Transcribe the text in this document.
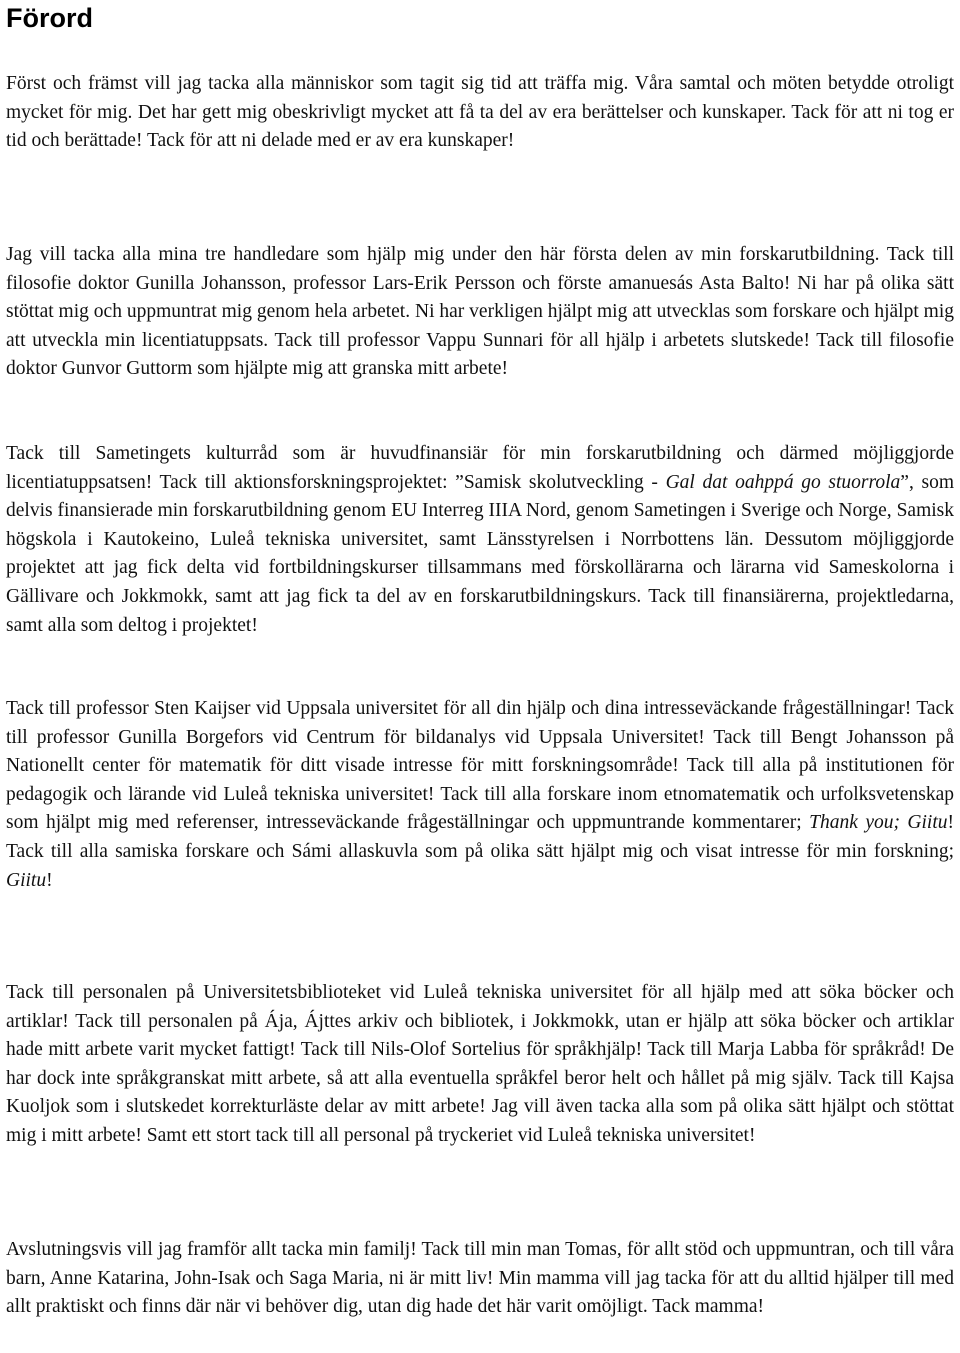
Förord

Först och främst vill jag tacka alla människor som tagit sig tid att träffa mig. Våra samtal och möten betydde otroligt mycket för mig. Det har gett mig obeskrivligt mycket att få ta del av era berättelser och kunskaper. Tack för att ni tog er tid och berättade! Tack för att ni delade med er av era kunskaper!

Jag vill tacka alla mina tre handledare som hjälp mig under den här första delen av min forskarutbildning. Tack till filosofie doktor Gunilla Johansson, professor Lars-Erik Persson och förste amanuesás Asta Balto! Ni har på olika sätt stöttat mig och uppmuntrat mig genom hela arbetet. Ni har verkligen hjälpt mig att utvecklas som forskare och hjälpt mig att utveckla min licentiatuppsats. Tack till professor Vappu Sunnari för all hjälp i arbetets slutskede! Tack till filosofie doktor Gunvor Guttorm som hjälpte mig att granska mitt arbete!

Tack till Sametingets kulturråd som är huvudfinansiär för min forskarutbildning och därmed möjliggjorde licentiatuppsatsen! Tack till aktionsforskningsprojektet: ”Samisk skolutveckling - Gal dat oahppá go stuorrola”, som delvis finansierade min forskarutbildning genom EU Interreg IIIA Nord, genom Sametingen i Sverige och Norge, Samisk högskola i Kautokeino, Luleå tekniska universitet, samt Länsstyrelsen i Norrbottens län. Dessutom möjliggjorde projektet att jag fick delta vid fortbildningskurser tillsammans med förskollärarna och lärarna vid Sameskolorna i Gällivare och Jokkmokk, samt att jag fick ta del av en forskarutbildningskurs. Tack till finansiärerna, projektledarna, samt alla som deltog i projektet!

Tack till professor Sten Kaijser vid Uppsala universitet för all din hjälp och dina intresseväckande frågeställningar! Tack till professor Gunilla Borgefors vid Centrum för bildanalys vid Uppsala Universitet! Tack till Bengt Johansson på Nationellt center för matematik för ditt visade intresse för mitt forskningsområde! Tack till alla på institutionen för pedagogik och lärande vid Luleå tekniska universitet! Tack till alla forskare inom etnomatematik och urfolksvetenskap som hjälpt mig med referenser, intresseväckande frågeställningar och uppmuntrande kommentarer; Thank you; Giitu! Tack till alla samiska forskare och Sámi allaskuvla som på olika sätt hjälpt mig och visat intresse för min forskning; Giitu!

Tack till personalen på Universitetsbiblioteket vid Luleå tekniska universitet för all hjälp med att söka böcker och artiklar! Tack till personalen på Ája, Ájttes arkiv och bibliotek, i Jokkmokk, utan er hjälp att söka böcker och artiklar hade mitt arbete varit mycket fattigt! Tack till Nils-Olof Sortelius för språkhjälp! Tack till Marja Labba för språkråd! De har dock inte språkgranskat mitt arbete, så att alla eventuella språkfel beror helt och hållet på mig själv. Tack till Kajsa Kuoljok som i slutskedet korrekturläste delar av mitt arbete! Jag vill även tacka alla som på olika sätt hjälpt och stöttat mig i mitt arbete! Samt ett stort tack till all personal på tryckeriet vid Luleå tekniska universitet!

Avslutningsvis vill jag framför allt tacka min familj! Tack till min man Tomas, för allt stöd och uppmuntran, och till våra barn, Anne Katarina, John-Isak och Saga Maria, ni är mitt liv! Min mamma vill jag tacka för att du alltid hjälper till med allt praktiskt och finns där när vi behöver dig, utan dig hade det här varit omöjligt. Tack mamma!
